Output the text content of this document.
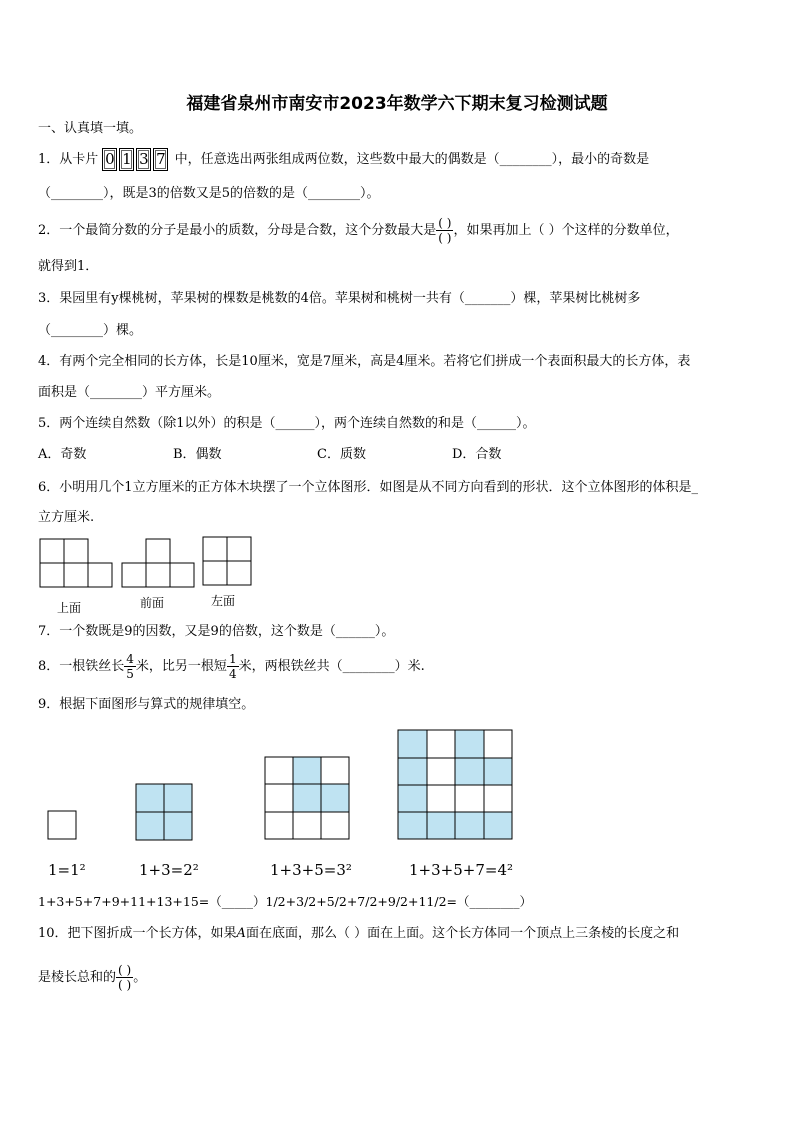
福建省泉州市南安市2023年数学六下期末复习检测试题
一、认真填一填。
1．从卡片 0 1 3 7 中，任意选出两张组成两位数，这些数中最大的偶数是（________），最小的奇数是
（________），既是3的倍数又是5的倍数的是（________）。
2．一个最简分数的分子是最小的质数，分母是合数，这个分数最大是 $\frac{( )}{( )}$ ，如果再加上（ ）个这样的分数单位，
就得到1．
3．果园里有y棵桃树，苹果树的棵数是桃数的4倍。苹果树和桃树一共有（_______）棵，苹果树比桃树多
（________）棵。
4．有两个完全相同的长方体，长是10厘米，宽是7厘米，高是4厘米。若将它们拼成一个表面积最大的长方体，表
面积是（________）平方厘米。
5．两个连续自然数（除1以外）的积是（______），两个连续自然数的和是（______）。
A．奇数	B．偶数	C．质数	D．合数
6．小明用几个1立方厘米的正方体木块摆了一个立体图形．如图是从不同方向看到的形状．这个立体图形的体积是_
立方厘米.
上面	前面	左面
7．一个数既是9的因数，又是9的倍数，这个数是（______）。
8．一根铁丝长 $\frac{4}{5}$ 米，比另一根短 $\frac{1}{4}$ 米，两根铁丝共（________）米.
9．根据下面图形与算式的规律填空。
1=1²	1+3=2²	1+3+5=3²	1+3+5+7=4²
1+3+5+7+9+11+13+15=（_____）1/2+3/2+5/2+7/2+9/2+11/2=（________）
10．把下图折成一个长方体，如果A面在底面，那么（ ）面在上面。这个长方体同一个顶点上三条棱的长度之和
是棱长总和的 $\frac{( )}{( )}$ 。
